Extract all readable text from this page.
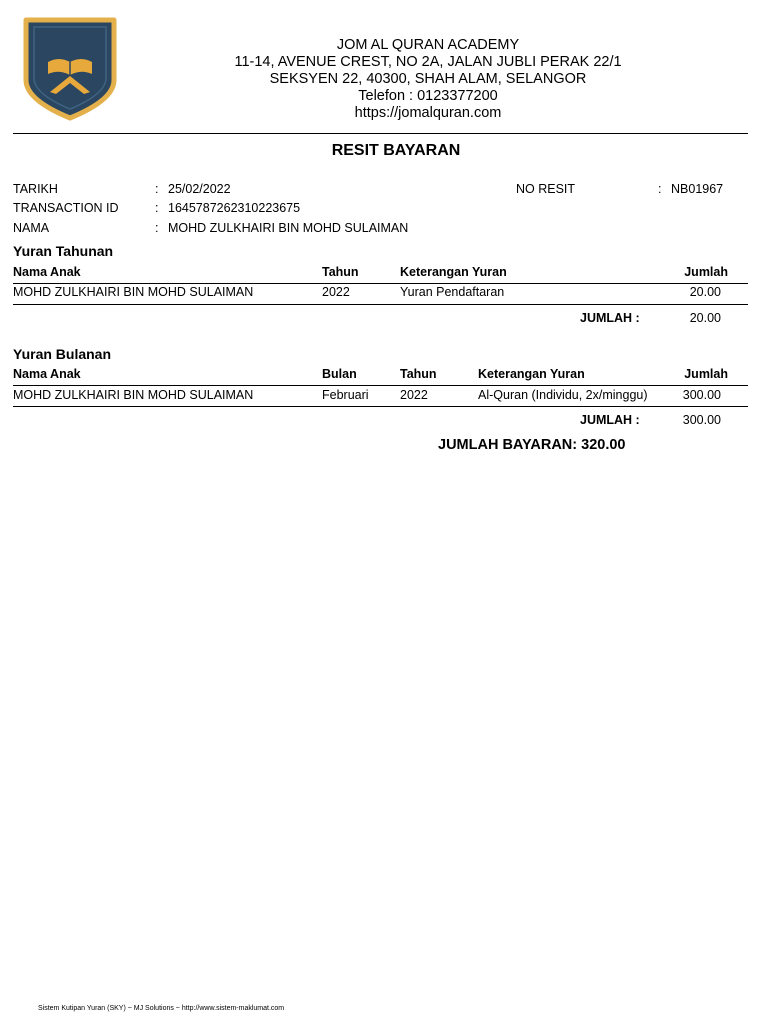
JOM AL QURAN ACADEMY
11-14, AVENUE CREST, NO 2A, JALAN JUBLI PERAK 22/1
SEKSYEN 22, 40300, SHAH ALAM, SELANGOR
Telefon : 0123377200
https://jomalquran.com
RESIT BAYARAN
TARIKH	: 25/02/2022	NO RESIT	: NB01967
TRANSACTION ID	: 1645787262310223675
NAMA	: MOHD ZULKHAIRI BIN MOHD SULAIMAN
Yuran Tahunan
Nama Anak	Tahun	Keterangan Yuran	Jumlah
MOHD ZULKHAIRI BIN MOHD SULAIMAN	2022	Yuran Pendaftaran	20.00
JUMLAH :	20.00
Yuran Bulanan
Nama Anak	Bulan	Tahun	Keterangan Yuran	Jumlah
MOHD ZULKHAIRI BIN MOHD SULAIMAN	Februari	2022	Al-Quran (Individu, 2x/minggu)	300.00
JUMLAH :	300.00
JUMLAH BAYARAN: 320.00
Sistem Kutipan Yuran (SKY) ~ MJ Solutions ~ http://www.sistem-maklumat.com
